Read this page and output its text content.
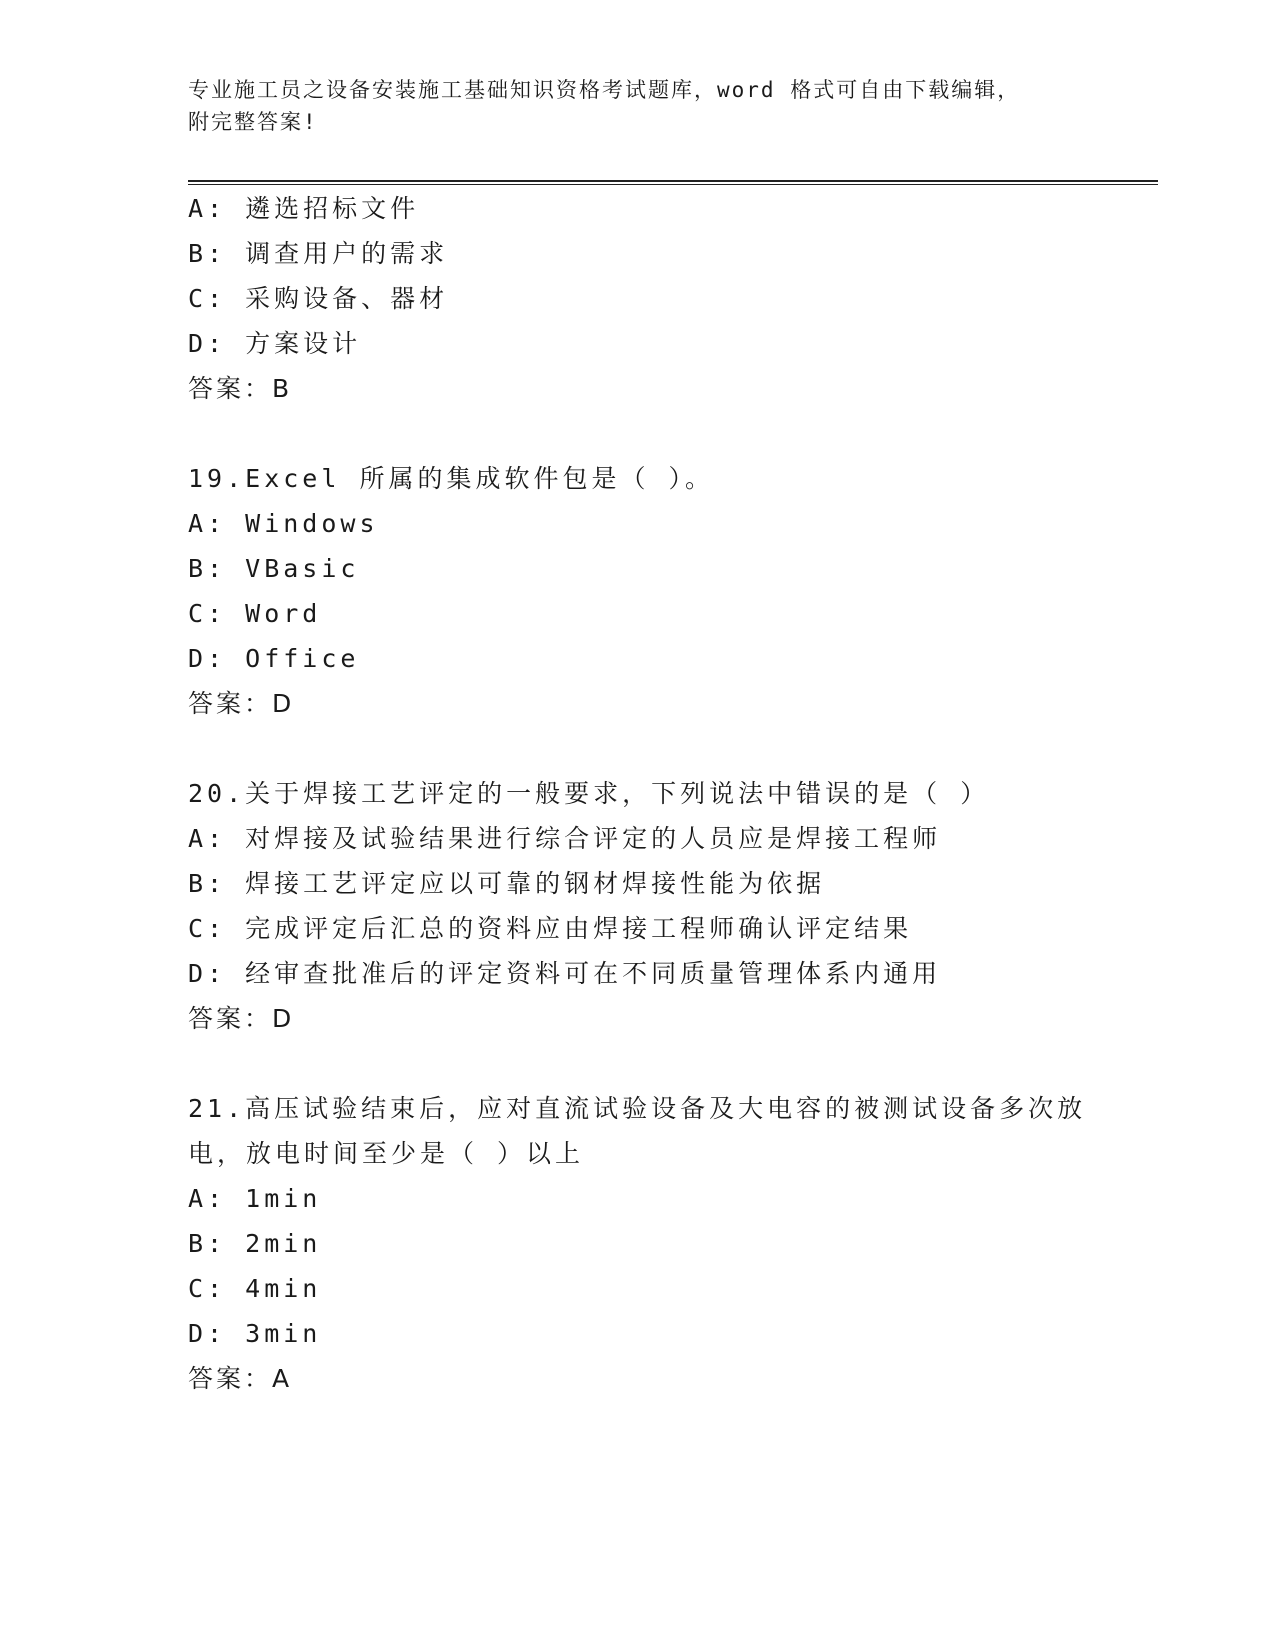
专业施工员之设备安装施工基础知识资格考试题库，word 格式可自由下载编辑，
附完整答案!
A: 遴选招标文件
B: 调查用户的需求
C: 采购设备、器材
D: 方案设计
答案：B
19.Excel 所属的集成软件包是（ ）。
A: Windows
B: VBasic
C: Word
D: Office
答案：D
20.关于焊接工艺评定的一般要求，下列说法中错误的是（ ）
A: 对焊接及试验结果进行综合评定的人员应是焊接工程师
B: 焊接工艺评定应以可靠的钢材焊接性能为依据
C: 完成评定后汇总的资料应由焊接工程师确认评定结果
D: 经审查批准后的评定资料可在不同质量管理体系内通用
答案：D
21.高压试验结束后，应对直流试验设备及大电容的被测试设备多次放
电，放电时间至少是（ ）以上
A: 1min
B: 2min
C: 4min
D: 3min
答案：A
